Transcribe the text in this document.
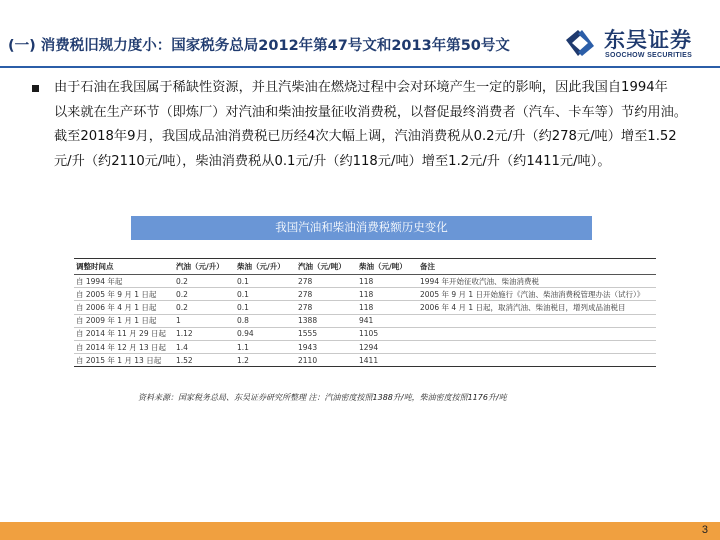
(一) 消费税旧规力度小：国家税务总局2012年第47号文和2013年第50号文	东吴证券
SOOCHOW SECURITIES
由于石油在我国属于稀缺性资源，并且汽柴油在燃烧过程中会对环境产生一定的影响，因此我国自1994年
以来就在生产环节（即炼厂）对汽油和柴油按量征收消费税，以督促最终消费者（汽车、卡车等）节约用油。
截至2018年9月，我国成品油消费税已历经4次大幅上调，汽油消费税从0.2元/升（约278元/吨）增至1.52
元/升（约2110元/吨），柴油消费税从0.1元/升（约118元/吨）增至1.2元/升（约1411元/吨）。
我国汽油和柴油消费税额历史变化
调整时间点	汽油（元/升）	柴油（元/升）	汽油（元/吨）	柴油（元/吨）	备注
自 1994 年起	0.2	0.1	278	118	1994 年开始征收汽油、柴油消费税
自 2005 年 9 月 1 日起	0.2	0.1	278	118	2005 年 9 月 1 日开始施行《汽油、柴油消费税管理办法（试行）》
自 2006 年 4 月 1 日起	0.2	0.1	278	118	2006 年 4 月 1 日起，取消汽油、柴油税目，增列成品油税目
自 2009 年 1 月 1 日起	1	0.8	1388	941	
自 2014 年 11 月 29 日起	1.12	0.94	1555	1105	
自 2014 年 12 月 13 日起	1.4	1.1	1943	1294	
自 2015 年 1 月 13 日起	1.52	1.2	2110	1411	
资料来源：国家税务总局、东吴证券研究所整理 注：汽油密度按照1388升/吨，柴油密度按照1176升/吨
3
